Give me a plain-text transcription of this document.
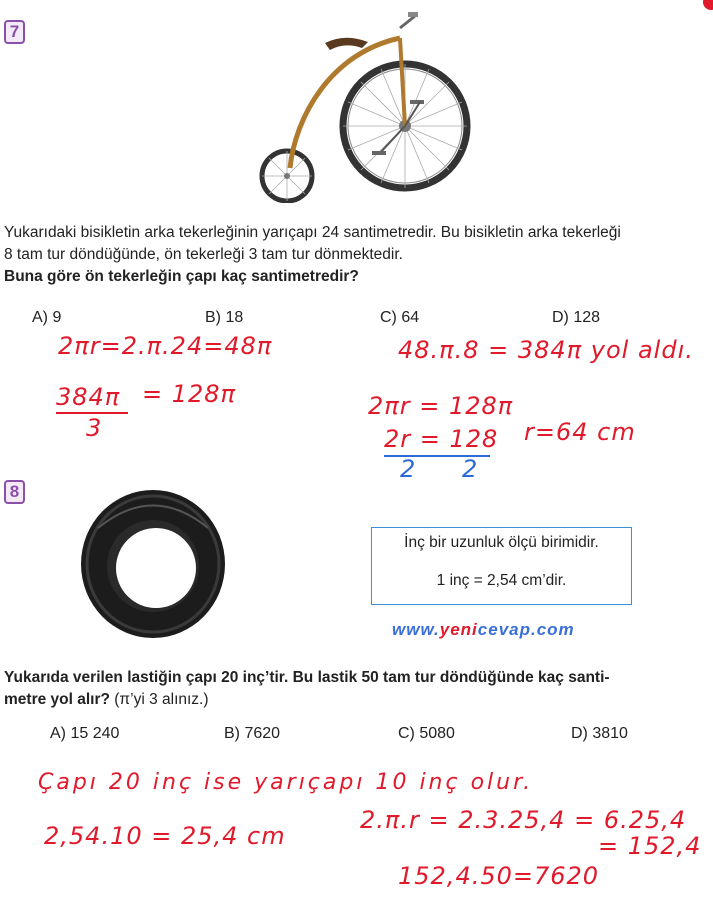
7
Yukarıdaki bisikletin arka tekerleğinin yarıçapı 24 santimetredir. Bu bisikletin arka tekerleği
8 tam tur döndüğünde, ön tekerleği 3 tam tur dönmektedir.
Buna göre ön tekerleğin çapı kaç santimetredir?
A) 9	B) 18	C) 64	D) 128
2πr=2.π.24=48π
384π
3
= 128π
48.π.8 = 384π yol aldı.
2πr = 128π
2r = 128
2 2
r=64 cm
8
İnç bir uzunluk ölçü birimidir.
1 inç = 2,54 cm’dir.
www.yenicevap.com
Yukarıda verilen lastiğin çapı 20 inç’tir. Bu lastik 50 tam tur döndüğünde kaç santi-
metre yol alır? (π’yi 3 alınız.)
A) 15 240	B) 7620	C) 5080	D) 3810
Çapı 20 inç ise yarıçapı 10 inç olur.
2,54.10 = 25,4 cm
2.π.r = 2.3.25,4 = 6.25,4
= 152,4
152,4.50=7620
